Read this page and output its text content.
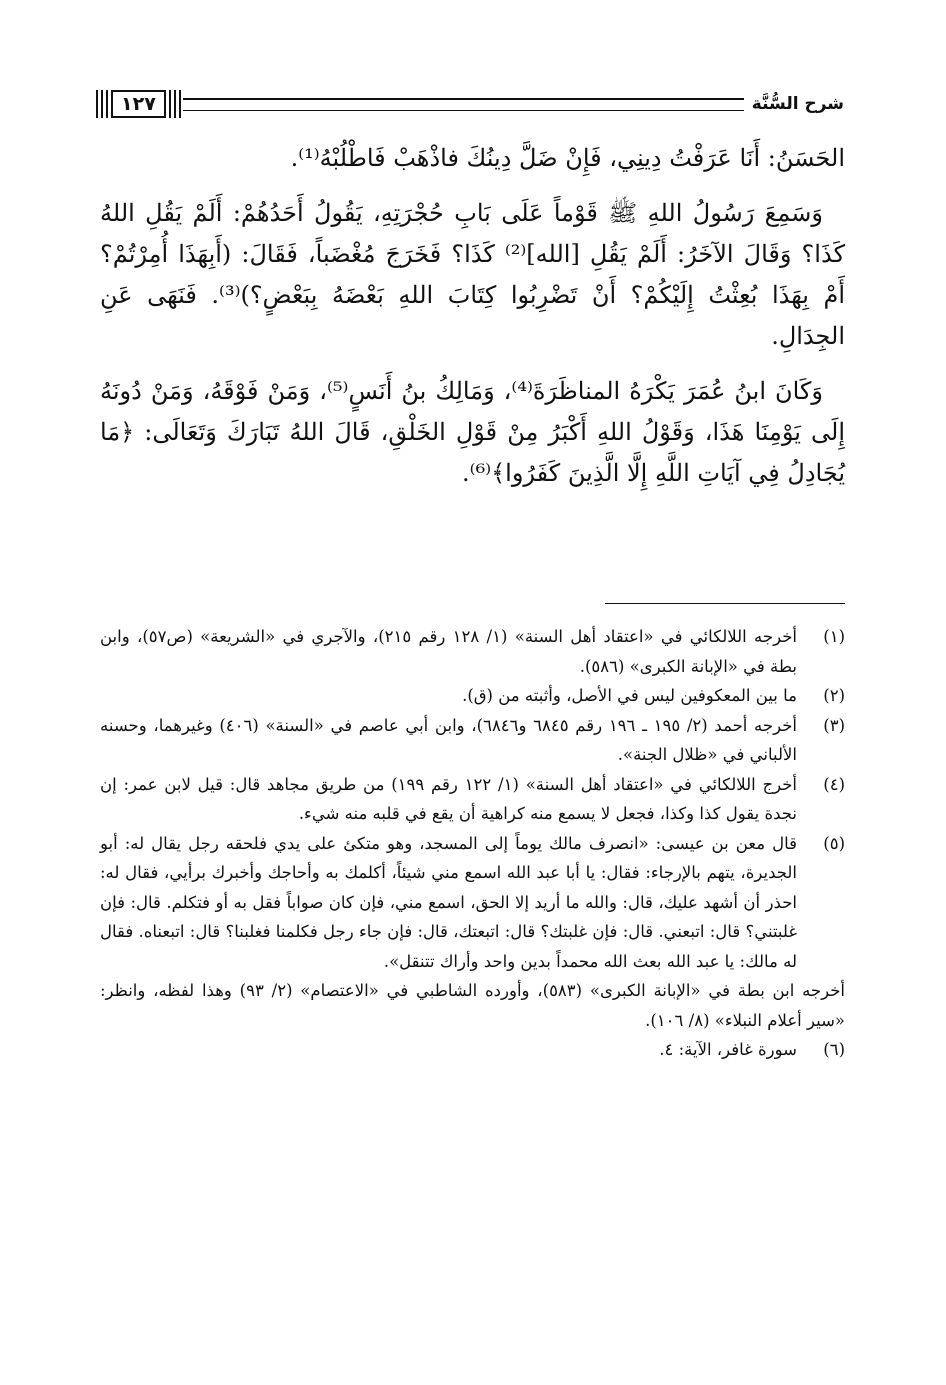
شرح السُّنَّة
١٢٧

الحَسَنُ: أَنَا عَرَفْتُ دِينِي، فَإِنْ ضَلَّ دِينُكَ فاذْهَبْ فَاطْلُبْهُ⁽¹⁾.

وَسَمِعَ رَسُولُ اللهِ ﷺ قَوْماً عَلَى بَابِ حُجْرَتِهِ، يَقُولُ أَحَدُهُمْ: أَلَمْ يَقُلِ اللهُ كَذَا؟ وَقَالَ الآخَرُ: أَلَمْ يَقُلِ [الله]⁽²⁾ كَذَا؟ فَخَرَجَ مُغْضَباً، فَقَالَ: (أَبِهَذَا أُمِرْتُمْ؟ أَمْ بِهَذَا بُعِثْتُ إِلَيْكُمْ؟ أَنْ تَضْرِبُوا كِتَابَ اللهِ بَعْضَهُ بِبَعْضٍ؟)⁽³⁾. فَنَهَى عَنِ الجِدَالِ.

وَكَانَ ابنُ عُمَرَ يَكْرَهُ المناظَرَةَ⁽⁴⁾، وَمَالِكُ بنُ أَنَسٍ⁽⁵⁾، وَمَنْ فَوْقَهُ، وَمَنْ دُونَهُ إِلَى يَوْمِنَا هَذَا، وَقَوْلُ اللهِ أَكْبَرُ مِنْ قَوْلِ الخَلْقِ، قَالَ اللهُ تَبَارَكَ وَتَعَالَى: ﴿مَا يُجَادِلُ فِي آيَاتِ اللَّهِ إِلَّا الَّذِينَ كَفَرُوا﴾⁽⁶⁾.

(١)
أخرجه اللالكائي في «اعتقاد أهل السنة» (١/ ١٢٨ رقم ٢١٥)، والآجري في «الشريعة» (ص٥٧)، وابن بطة في «الإبانة الكبرى» (٥٨٦).
(٢)
ما بين المعكوفين ليس في الأصل، وأثبته من (ق).
(٣)
أخرجه أحمد (٢/ ١٩٥ ـ ١٩٦ رقم ٦٨٤٥ و٦٨٤٦)، وابن أبي عاصم في «السنة» (٤٠٦) وغيرهما، وحسنه الألباني في «ظلال الجنة».
(٤)
أخرج اللالكائي في «اعتقاد أهل السنة» (١/ ١٢٢ رقم ١٩٩) من طريق مجاهد قال: قيل لابن عمر: إن نجدة يقول كذا وكذا، فجعل لا يسمع منه كراهية أن يقع في قلبه منه شيء.
(٥)
قال معن بن عيسى: «انصرف مالك يوماً إلى المسجد، وهو متكئ على يدي فلحقه رجل يقال له: أبو الجديرة، يتهم بالإرجاء: فقال: يا أبا عبد الله اسمع مني شيئاً، أكلمك به وأحاجك وأخبرك برأيي، فقال له: احذر أن أشهد عليك، قال: والله ما أريد إلا الحق، اسمع مني، فإن كان صواباً فقل به أو فتكلم. قال: فإن غلبتني؟ قال: اتبعني. قال: فإن غلبتك؟ قال: اتبعتك، قال: فإن جاء رجل فكلمنا فغلبنا؟ قال: اتبعناه. فقال له مالك: يا عبد الله بعث الله محمداً بدين واحد وأراك تتنقل».
أخرجه ابن بطة في «الإبانة الكبرى» (٥٨٣)، وأورده الشاطبي في «الاعتصام» (٢/ ٩٣) وهذا لفظه، وانظر: «سير أعلام النبلاء» (٨/ ١٠٦).
(٦)
سورة غافر، الآية: ٤.
